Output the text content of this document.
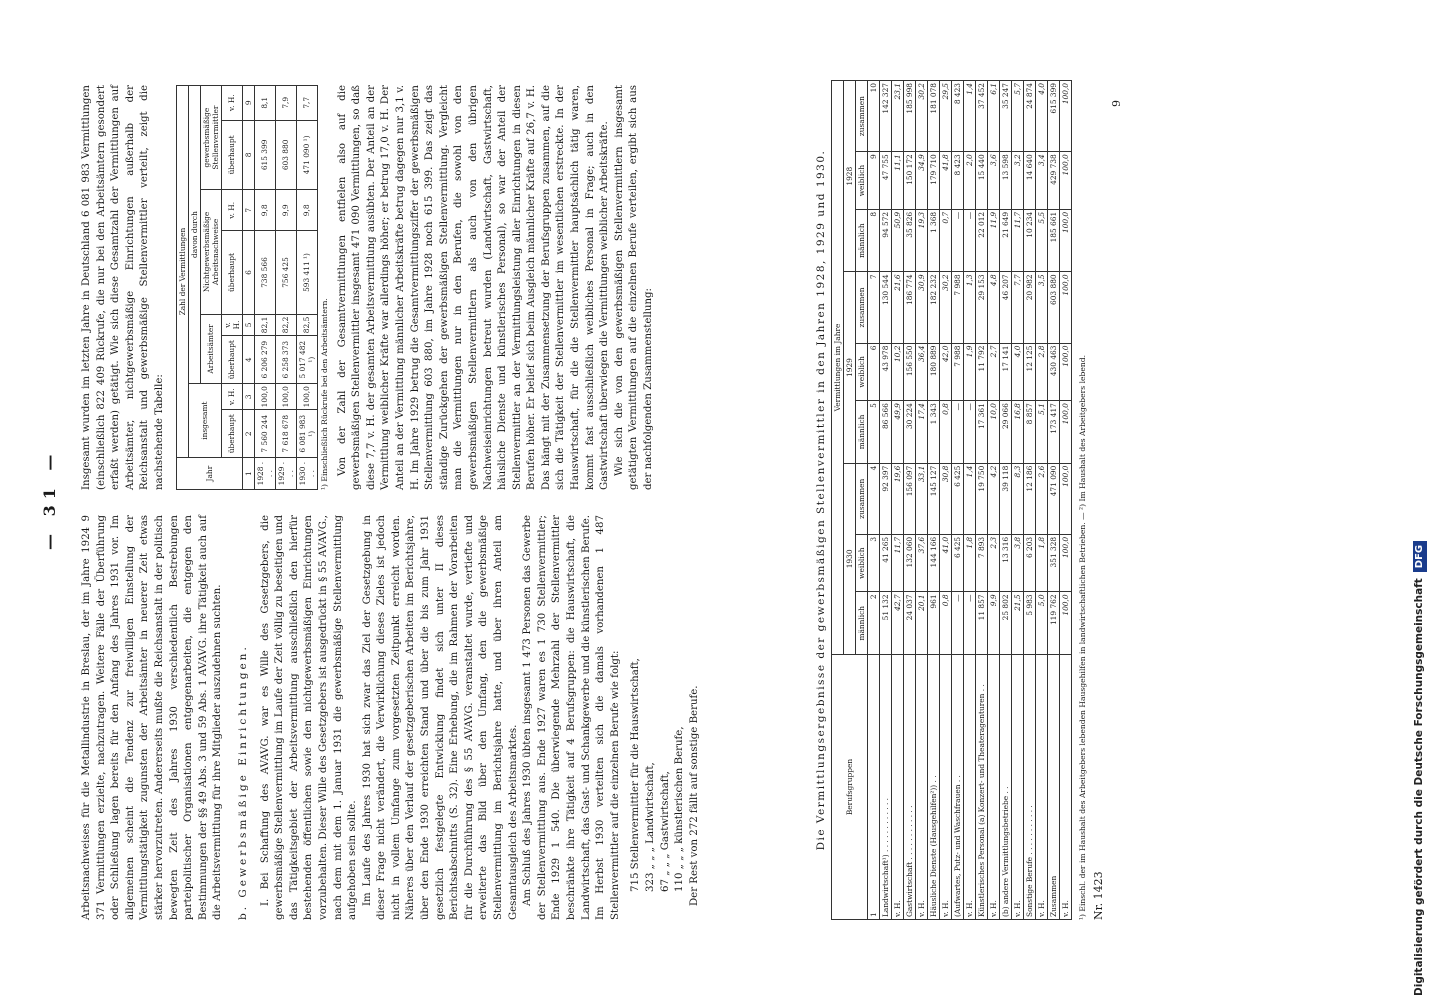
— 31 —

Arbeitsnachweises für die Metallindustrie in Breslau, der im Jahre 1924 9 371 Vermittlungen erzielte, nachzutragen. Weitere Fälle der Überführung oder Schließung lagen bereits für den Anfang des Jahres 1931 vor. Im allgemeinen scheint die Tendenz zur freiwilligen Einstellung der Vermittlungstätigkeit zugunsten der Arbeitsämter in neuerer Zeit etwas stärker hervorzutreten. Andererseits mußte die Reichsanstalt in der politisch bewegten Zeit des Jahres 1930 verschiedentlich Bestrebungen parteipolitischer Organisationen entgegenarbeiten, die entgegen den Bestimmungen der §§ 49 Abs. 3 und 59 Abs. 1 AVAVG. ihre Tätigkeit auch auf die Arbeitsvermittlung für ihre Mitglieder auszudehnen suchten. b. Gewerbsmäßige Einrichtungen. I. Bei Schaffung des AVAVG. war es Wille des Gesetzgebers, die gewerbsmäßige Stellenvermittlung im Laufe der Zeit völlig zu beseitigen und das Tätigkeitsgebiet der Arbeitsvermittlung ausschließlich den hierfür bestehenden öffentlichen sowie den nichtgewerbsmäßigen Einrichtungen vorzubehalten. Dieser Wille des Gesetzgebers ist ausgedrückt in § 55 AVAVG., nach dem mit dem 1. Januar 1931 die gewerbsmäßige Stellenvermittlung aufgehoben sein sollte. Im Laufe des Jahres 1930 hat sich zwar das Ziel der Gesetzgebung in dieser Frage nicht verändert, die Verwirklichung dieses Zieles ist jedoch nicht in vollem Umfange zum vorgesetzten Zeitpunkt erreicht worden. Näheres über den Verlauf der gesetzgeberischen Arbeiten im Berichtsjahre, über den Ende 1930 erreichten Stand und über die bis zum Jahr 1931 gesetzlich festgelegte Entwicklung findet sich unter II dieses Berichtsabschnitts (S. 32). Eine Erhebung, die im Rahmen der Vorarbeiten für die Durchführung des § 55 AVAVG. veranstaltet wurde, vertiefte und erweiterte das Bild über den Umfang, den die gewerbsmäßige Stellenvermittlung im Berichtsjahre hatte, und über ihren Anteil am Gesamtausgleich des Arbeitsmarktes. Am Schluß des Jahres 1930 übten insgesamt 1 473 Personen das Gewerbe der Stellenvermittlung aus. Ende 1927 waren es 1 730 Stellenvermittler; Ende 1929 1 540. Die überwiegende Mehrzahl der Stellenvermittler beschränkte ihre Tätigkeit auf 4 Berufsgruppen: die Hauswirtschaft, die Landwirtschaft, das Gast- und Schankgewerbe und die künstlerischen Berufe. Im Herbst 1930 verteilten sich die damals vorhandenen 1 487 Stellenvermittler auf die einzelnen Berufe wie folgt: 715 Stellenvermittler für die Hauswirtschaft, 323 „ „ „ Landwirtschaft, 67 „ „ „ Gastwirtschaft, 110 „ „ „ künstlerischen Berufe, Der Rest von 272 fällt auf sonstige Berufe.

Insgesamt wurden im letzten Jahre in Deutschland 6 081 983 Vermittlungen (einschließlich 822 409 Rückrufe, die nur bei den Arbeitsämtern gesondert erfaßt werden) getätigt. Wie sich diese Gesamtzahl der Vermittlungen auf Arbeitsämter, nichtgewerbsmäßige Einrichtungen außerhalb der Reichsanstalt und gewerbsmäßige Stellenvermittler verteilt, zeigt die nachstehende Tabelle:	Jahr	Zahl der Vermittlungen							
	insgesamt		davon durch					
			Arbeitsämter		Nichtgewerbsmäßige Arbeitsnachweise		gewerbsmäßige Stellenvermittler	
	überhaupt	v. H.	überhaupt	v. H.	überhaupt	v. H.	überhaupt	v. H.
1	2	3	4	5	6	7	8	9
1928 . . .	7 560 244	100,0	6 206 279	82,1	738 566	9,8	615 399	8,1
1929 . . .	7 618 678	100,0	6 258 373	82,2	756 425	9,9	603 880	7,9
1930 . . .	6 081 983 ¹)	100,0	5 017 482 ¹)	82,5	593 411 ¹)	9,8	471 090 ¹)	7,7
¹) Einschließlich Rückrufe bei den Arbeitsämtern. Von der Zahl der Gesamtvermittlungen entfielen also auf die gewerbsmäßigen Stellenvermittler insgesamt 471 090 Vermittlungen, so daß diese 7,7 v. H. der gesamten Arbeitsvermittlung ausübten. Der Anteil an der Vermittlung weiblicher Kräfte war allerdings höher; er betrug 17,0 v. H. Der Anteil an der Vermittlung männlicher Arbeitskräfte betrug dagegen nur 3,1 v. H. Im Jahre 1929 betrug die Gesamtvermittlungsziffer der gewerbsmäßigen Stellenvermittlung 603 880, im Jahre 1928 noch 615 399. Das zeigt das ständige Zurückgehen der gewerbsmäßigen Stellenvermittlung. Vergleicht man die Vermittlungen nur in den Berufen, die sowohl von den gewerbsmäßigen Stellenvermittlern als auch von den übrigen Nachweiseinrichtungen betreut wurden (Landwirtschaft, Gastwirtschaft, häusliche Dienste und künstlerisches Personal), so war der Anteil der Stellenvermittler an der Vermittlungsleistung aller Einrichtungen in diesen Berufen höher. Er belief sich beim Ausgleich männlicher Kräfte auf 26,7 v. H. Das hängt mit der Zusammensetzung der Berufsgruppen zusammen, auf die sich die Tätigkeit der Stellenvermittler im wesentlichen erstreckte. In der Hauswirtschaft, für die die Stellenvermittler hauptsächlich tätig waren, kommt fast ausschließlich weibliches Personal in Frage; auch in den Gastwirtschaft überwiegen die Vermittlungen weiblicher Arbeitskräfte. Wie sich die von den gewerbsmäßigen Stellenvermittlern insgesamt getätigten Vermittlungen auf die einzelnen Berufe verteilen, ergibt sich aus der nachfolgenden Zusammenstellung:	Die Vermittlungsergebnisse der gewerbsmäßigen Stellenvermittler in den Jahren 1928, 1929 und 1930. Berufsgruppen	Vermittlungen im Jahre								
	1930			1929			1928		
	männlich	weiblich	zusammen	männlich	weiblich	zusammen	männlich	weiblich	zusammen
1	2	3	4	5	6	7	8	9	10
Landwirtschaft¹) . . . . . . . . . . . .	51 132	41 265	92 397	86 566	43 978	130 544	94 572	47 755	142 327
v. H.	42,7	11,7	19,6	49,9	10,2	21,6	50,9	11,1	23,1
Gastwirtschaft . . . . . . . . . . . .	24 037	132 060	156 097	30 224	156 550	186 774	35 826	150 172	185 998
v. H.	20,1	37,6	33,1	17,4	36,4	30,9	19,3	34,9	30,2
Häusliche Dienste (Hausgehilfen²)) . .	961	144 166	145 127	1 343	180 889	182 232	1 368	179 710	181 078
v. H.	0,8	41,0	30,8	0,8	42,0	30,2	0,7	41,8	29,5
(Aufwartes, Putz- und Waschfrauen . .	—	6 425	6 425	—	7 988	7 988	—	8 423	8 423
v. H.	—	1,8	1,4	—	1,9	1,3	—	2,0	1,4
Künstlerisches Personal (a) Konzert- und Theateragenturen . .	11 857	7 893	19 750	17 361	11 792	29 153	22 012	15 440	37 452
v. H.	9,9	2,3	4,2	10,0	2,7	4,8	11,9	3,6	6,1
(b) andere Vermittlungsbetriebe . .	25 802	13 316	39 118	29 066	17 141	46 207	21 649	13 598	35 247
v. H.	21,5	3,8	8,3	16,8	4,0	7,7	11,7	3,2	5,7
Sonstige Berufe . . . . . . . . . . .	5 983	6 203	12 186	8 857	12 125	20 982	10 234	14 640	24 874
v. H.	5,0	1,8	2,6	5,1	2,8	3,5	5,5	3,4	4,0
Zusammen	119 762	351 328	471 090	173 417	430 463	603 880	185 661	429 738	615 399
v. H.	100,0	100,0	100,0	100,0	100,0	100,0	100,0	100,0	100,0
¹) Einschl. der im Haushalt des Arbeitgebers lebenden Hausgehilfen in landwirtschaftlichen Betrieben. — ²) Im Haushalt des Arbeitgebers lebend. Nr. 1423
9
Digitalisierung gefördert durch die Deutsche ForschungsgemeinschaftDFG
